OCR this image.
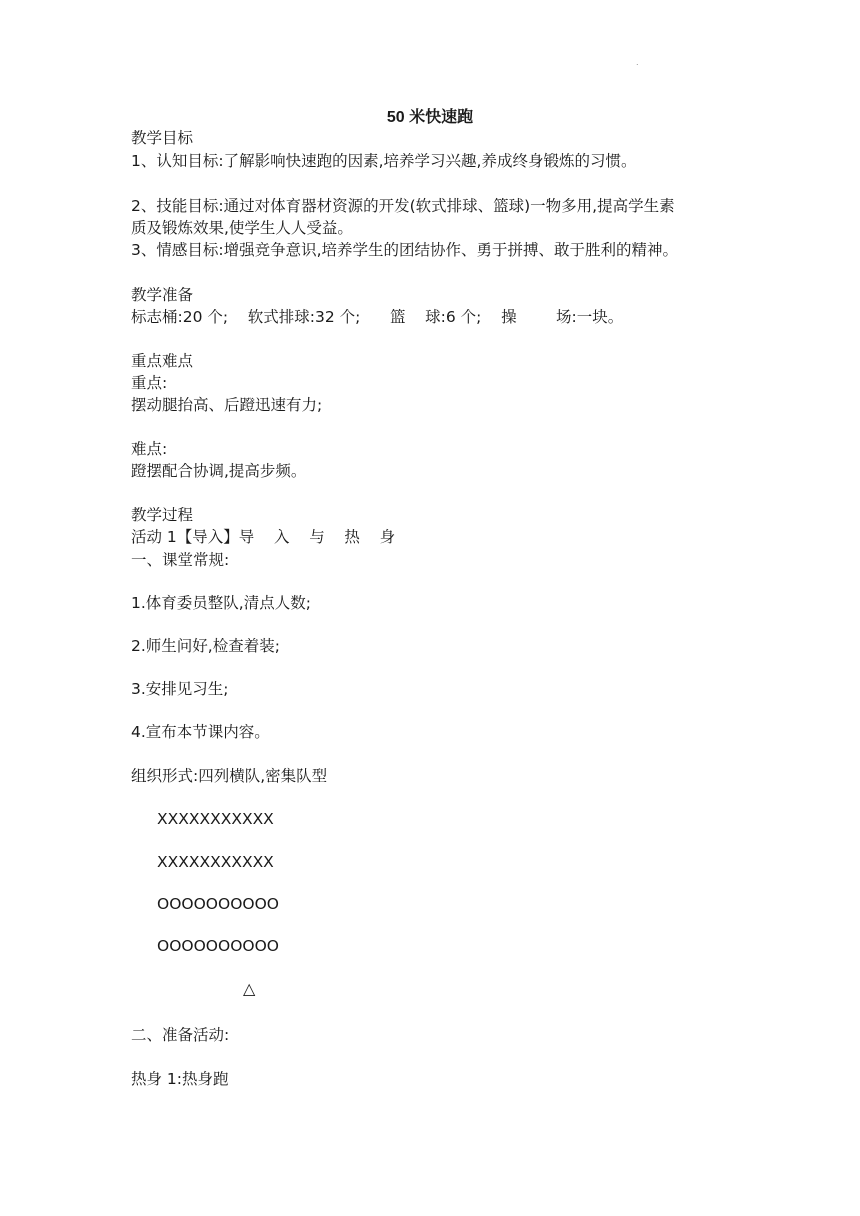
.
50 米快速跑
教学目标
1、认知目标:了解影响快速跑的因素,培养学习兴趣,养成终身锻炼的习惯。
2、技能目标:通过对体育器材资源的开发(软式排球、篮球)一物多用,提高学生素
质及锻炼效果,使学生人人受益。
3、情感目标:增强竞争意识,培养学生的团结协作、勇于拼搏、敢于胜利的精神。
教学准备
标志桶:20 个;    软式排球:32 个;      篮    球:6 个;    操        场:一块。
重点难点
重点:
摆动腿抬高、后蹬迅速有力;
难点:
蹬摆配合协调,提高步频。
教学过程
活动 1【导入】导    入    与    热    身
一、课堂常规:
1.体育委员整队,清点人数;
2.师生问好,检查着装;
3.安排见习生;
4.宣布本节课内容。
组织形式:四列横队,密集队型
XXXXXXXXXXX
XXXXXXXXXXX
OOOOOOOOOO
OOOOOOOOOO
△
二、准备活动:
热身 1:热身跑
